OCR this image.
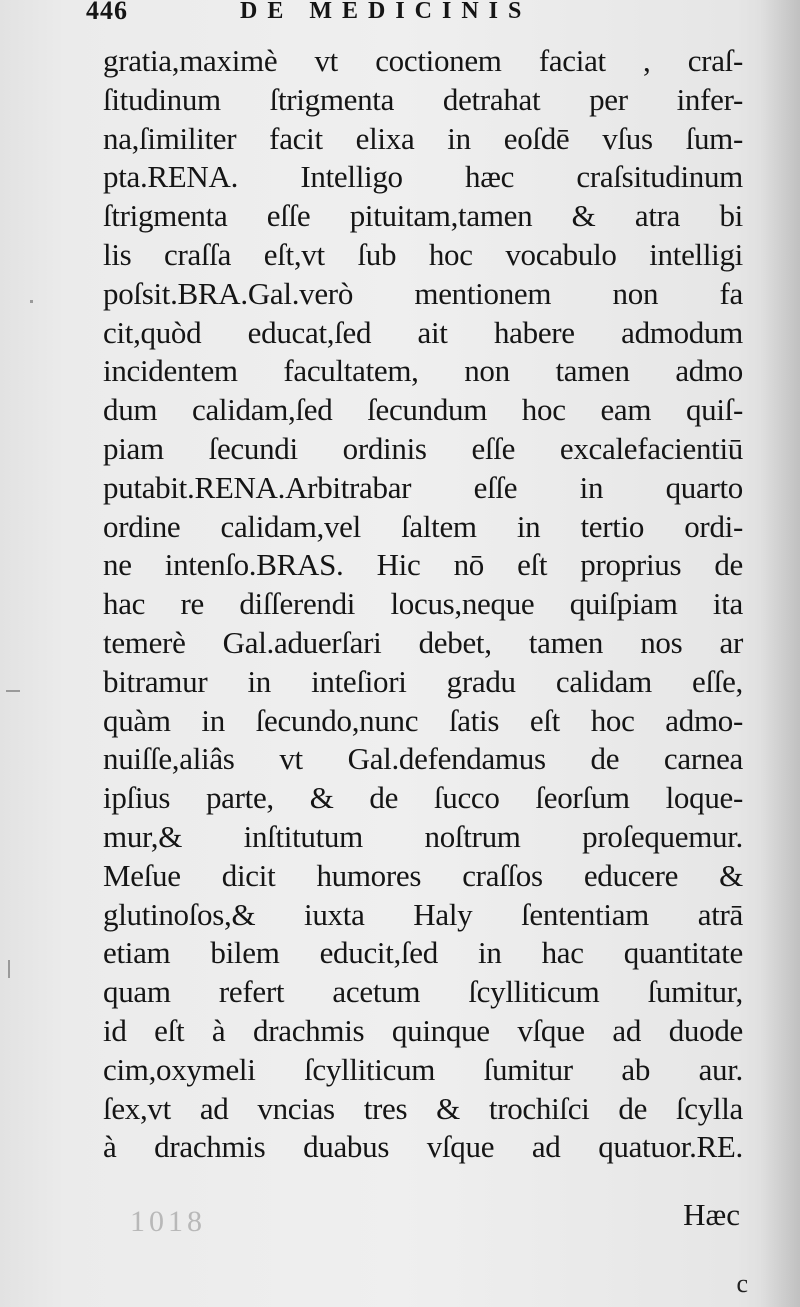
446	DE MEDICINIS
gratia,maximè vt coctionem faciat , craſ-
ſitudinum ſtrigmenta detrahat per infer-
na,ſimiliter facit elixa in eoſdē vſus ſum-
pta.RENA. Intelligo hæc craſsitudinum
ſtrigmenta eſſe pituitam,tamen & atra bi
lis craſſa eſt,vt ſub hoc vocabulo intelligi
poſsit.BRA.Gal.verò mentionem non fa
cit,quòd educat,ſed ait habere admodum
incidentem facultatem, non tamen admo
dum calidam,ſed ſecundum hoc eam quiſ-
piam ſecundi ordinis eſſe excalefacientiū
putabit.RENA.Arbitrabar eſſe in quarto
ordine calidam,vel ſaltem in tertio ordi-
ne intenſo.BRAS. Hic nō eſt proprius de
hac re diſſerendi locus,neque quiſpiam ita
temerè Gal.aduerſari debet, tamen nos ar
bitramur in inteſiori gradu calidam eſſe,
quàm in ſecundo,nunc ſatis eſt hoc admo-
nuiſſe,aliâs vt Gal.defendamus de carnea
ipſius parte, & de ſucco ſeorſum loque-
mur,& inſtitutum noſtrum proſequemur.
Meſue dicit humores craſſos educere &
glutinoſos,& iuxta Haly ſententiam atrā
etiam bilem educit,ſed in hac quantitate
quam refert acetum ſcylliticum ſumitur,
id eſt à drachmis quinque vſque ad duode
cim,oxymeli ſcylliticum ſumitur ab aur.
ſex,vt ad vncias tres & trochiſci de ſcylla
à drachmis duabus vſque ad quatuor.RE.
1018	Hæc
c
